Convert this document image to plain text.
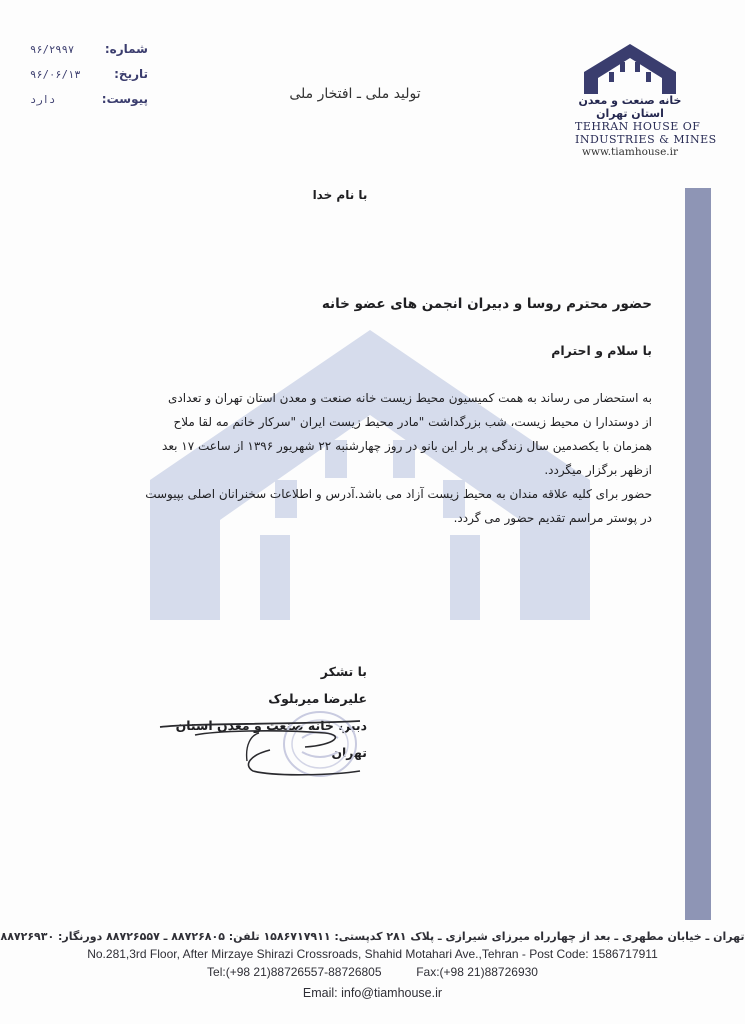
خانه صنعت و معدن
استان تهران
TEHRAN HOUSE OF
INDUSTRIES & MINES
www.tiamhouse.ir
شماره:
۹۶/۲۹۹۷
تاریخ:
۹۶/۰۶/۱۳
پیوست:
دارد	تولید ملی ـ افتخار ملی
با نام خدا
حضور محترم روسا و دبیران انجمن های عضو خانه
با سلام و احترام

به استحضار می رساند به همت کمیسیون محیط زیست خانه صنعت و معدن استان تهران و تعدادی
از دوستدارا ن محیط زیست، شب بزرگداشت "مادر محیط زیست ایران "سرکار خانم مه لقا ملاح
همزمان با یکصدمین سال زندگی پر بار این بانو در روز چهارشنبه ۲۲ شهریور ۱۳۹۶ از ساعت ۱۷ بعد
ازظهر برگزار میگردد.

حضور برای کلیه علاقه مندان به محیط زیست آزاد می باشد.آدرس و اطلاعات سخنرانان اصلی بپیوست
در پوستر مراسم تقدیم حضور می گردد.

با تشکر
علیرضا میربلوک
دبیر، خانه صنعت و معدن استان تهران
تهران ـ خیابان مطهری ـ بعد از چهارراه میرزای شیرازی ـ پلاک ۲۸۱ کدپستی: ۱۵۸۶۷۱۷۹۱۱ تلفن: ۸۸۷۲۶۸۰۵ ـ ۸۸۷۲۶۵۵۷ دورنگار: ۸۸۷۲۶۹۳۰
No.281,3rd Floor, After Mirzaye Shirazi Crossroads, Shahid Motahari Ave.,Tehran - Post Code: 1586717911
Tel:(+98 21)88726557-88726805	Fax:(+98 21)88726930
Email: info@tiamhouse.ir
